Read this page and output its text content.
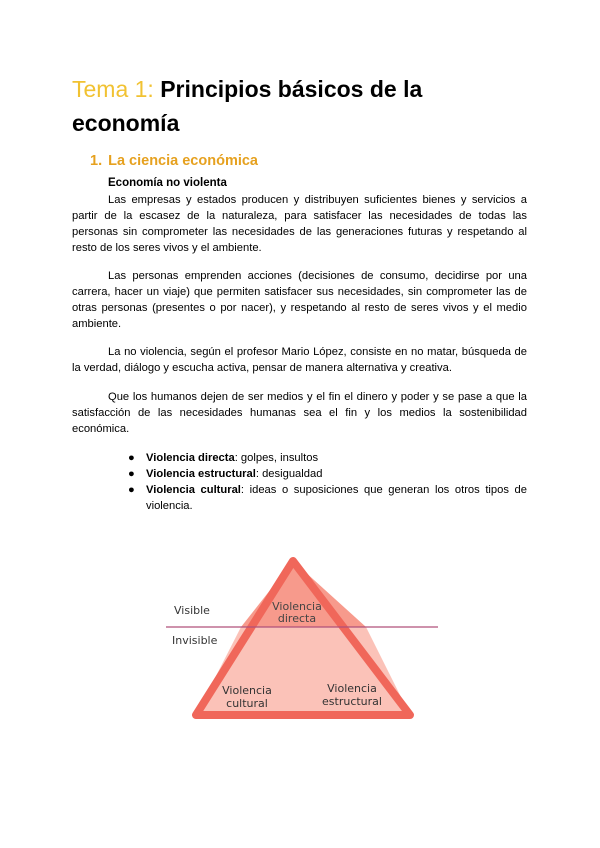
Tema 1: Principios básicos de la economía
1. La ciencia económica

Economía no violenta

Las empresas y estados producen y distribuyen suficientes bienes y servicios a partir de la escasez de la naturaleza, para satisfacer las necesidades de todas las personas sin comprometer las necesidades de las generaciones futuras y respetando al resto de los seres vivos y el ambiente.

Las personas emprenden acciones (decisiones de consumo, decidirse por una carrera, hacer un viaje) que permiten satisfacer sus necesidades, sin comprometer las de otras personas (presentes o por nacer), y respetando al resto de seres vivos y el medio ambiente.

La no violencia, según el profesor Mario López, consiste en no matar, búsqueda de la verdad, diálogo y escucha activa, pensar de manera alternativa y creativa.

Que los humanos dejen de ser medios y el fin el dinero y poder y se pase a que la satisfacción de las necesidades humanas sea el fin y los medios la sostenibilidad económica.

● Violencia directa: golpes, insultos
● Violencia estructural: desigualdad
● Violencia cultural: ideas o suposiciones que generan los otros tipos de violencia.
Visible
Invisible
Violencia
directa
Violencia
cultural
Violencia
estructural
